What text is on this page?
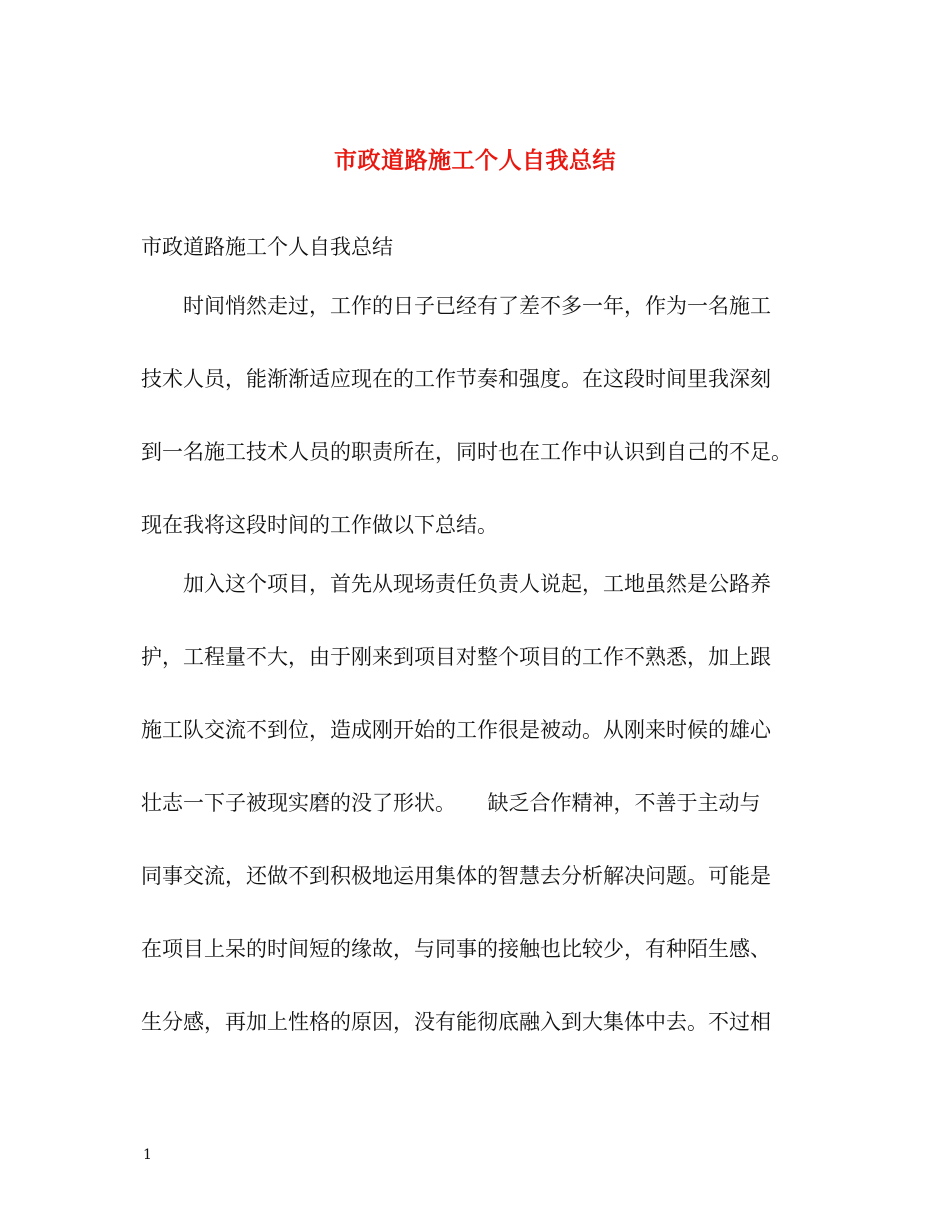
市政道路施工个人自我总结
市政道路施工个人自我总结
　　时间悄然走过，工作的日子已经有了差不多一年，作为一名施工
技术人员，能渐渐适应现在的工作节奏和强度。在这段时间里我深刻
到一名施工技术人员的职责所在，同时也在工作中认识到自己的不足。
现在我将这段时间的工作做以下总结。
　　加入这个项目，首先从现场责任负责人说起，工地虽然是公路养
护，工程量不大，由于刚来到项目对整个项目的工作不熟悉，加上跟
施工队交流不到位，造成刚开始的工作很是被动。从刚来时候的雄心
壮志一下子被现实磨的没了形状。　　缺乏合作精神，不善于主动与
同事交流，还做不到积极地运用集体的智慧去分析解决问题。可能是
在项目上呆的时间短的缘故，与同事的接触也比较少，有种陌生感、
生分感，再加上性格的原因，没有能彻底融入到大集体中去。不过相
1
